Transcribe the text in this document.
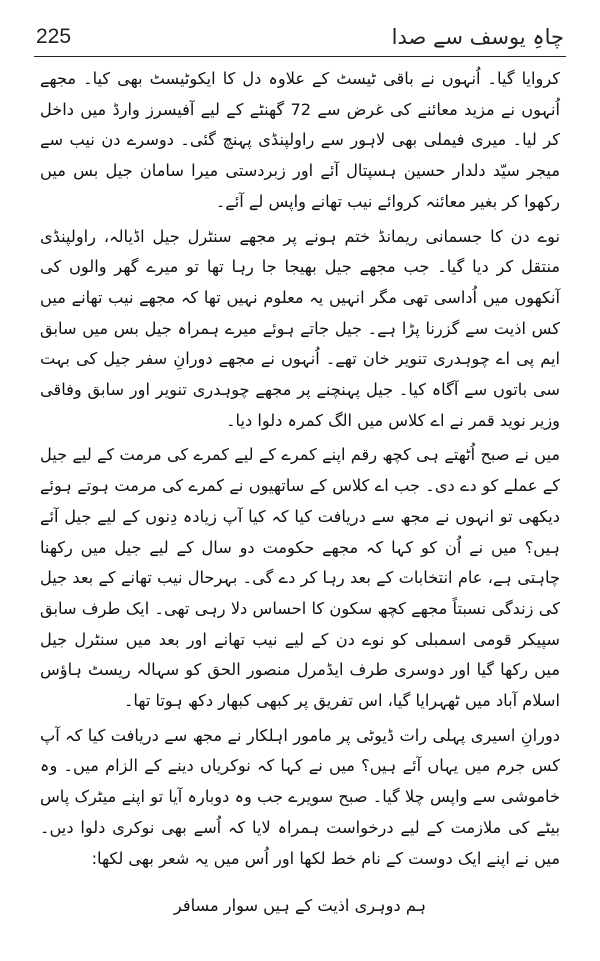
225	چاہِ یوسف سے صدا

کروایا گیا۔ اُنہوں نے باقی ٹیسٹ کے علاوہ دل کا ایکوٹیسٹ بھی کیا۔ مجھے اُنہوں نے مزید معائنے کی غرض سے 72 گھنٹے کے لیے آفیسرز وارڈ میں داخل کر لیا۔ میری فیملی بھی لاہور سے راولپنڈی پہنچ گئی۔ دوسرے دن نیب سے میجر سیّد دلدار حسین ہسپتال آئے اور زبردستی میرا سامان جیل بس میں رکھوا کر بغیر معائنہ کروائے نیب تھانے واپس لے آئے۔

نوے دن کا جسمانی ریمانڈ ختم ہونے پر مجھے سنٹرل جیل اڈیالہ، راولپنڈی منتقل کر دیا گیا۔ جب مجھے جیل بھیجا جا رہا تھا تو میرے گھر والوں کی آنکھوں میں اُداسی تھی مگر انہیں یہ معلوم نہیں تھا کہ مجھے نیب تھانے میں کس اذیت سے گزرنا پڑا ہے۔ جیل جاتے ہوئے میرے ہمراہ جیل بس میں سابق ایم پی اے چوہدری تنویر خان تھے۔ اُنہوں نے مجھے دورانِ سفر جیل کی بہت سی باتوں سے آگاہ کیا۔ جیل پہنچنے پر مجھے چوہدری تنویر اور سابق وفاقی وزیر نوید قمر نے اے کلاس میں الگ کمرہ دلوا دیا۔

میں نے صبح اُٹھتے ہی کچھ رقم اپنے کمرے کے لیے کمرے کی مرمت کے لیے جیل کے عملے کو دے دی۔ جب اے کلاس کے ساتھیوں نے کمرے کی مرمت ہوتے ہوئے دیکھی تو انہوں نے مجھ سے دریافت کیا کہ کیا آپ زیادہ دِنوں کے لیے جیل آئے ہیں؟ میں نے اُن کو کہا کہ مجھے حکومت دو سال کے لیے جیل میں رکھنا چاہتی ہے، عام انتخابات کے بعد رہا کر دے گی۔ بہرحال نیب تھانے کے بعد جیل کی زندگی نسبتاً مجھے کچھ سکون کا احساس دلا رہی تھی۔ ایک طرف سابق سپیکر قومی اسمبلی کو نوے دن کے لیے نیب تھانے اور بعد میں سنٹرل جیل میں رکھا گیا اور دوسری طرف ایڈمرل منصور الحق کو سہالہ ریسٹ ہاؤس اسلام آباد میں ٹھہرایا گیا، اس تفریق پر کبھی کبھار دکھ ہوتا تھا۔

دورانِ اسیری پہلی رات ڈیوٹی پر مامور اہلکار نے مجھ سے دریافت کیا کہ آپ کس جرم میں یہاں آئے ہیں؟ میں نے کہا کہ نوکریاں دینے کے الزام میں۔ وہ خاموشی سے واپس چلا گیا۔ صبح سویرے جب وہ دوبارہ آیا تو اپنے میٹرک پاس بیٹے کی ملازمت کے لیے درخواست ہمراہ لایا کہ اُسے بھی نوکری دلوا دیں۔ میں نے اپنے ایک دوست کے نام خط لکھا اور اُس میں یہ شعر بھی لکھا:

ہم دوہری اذیت کے ہیں سوار مسافر
